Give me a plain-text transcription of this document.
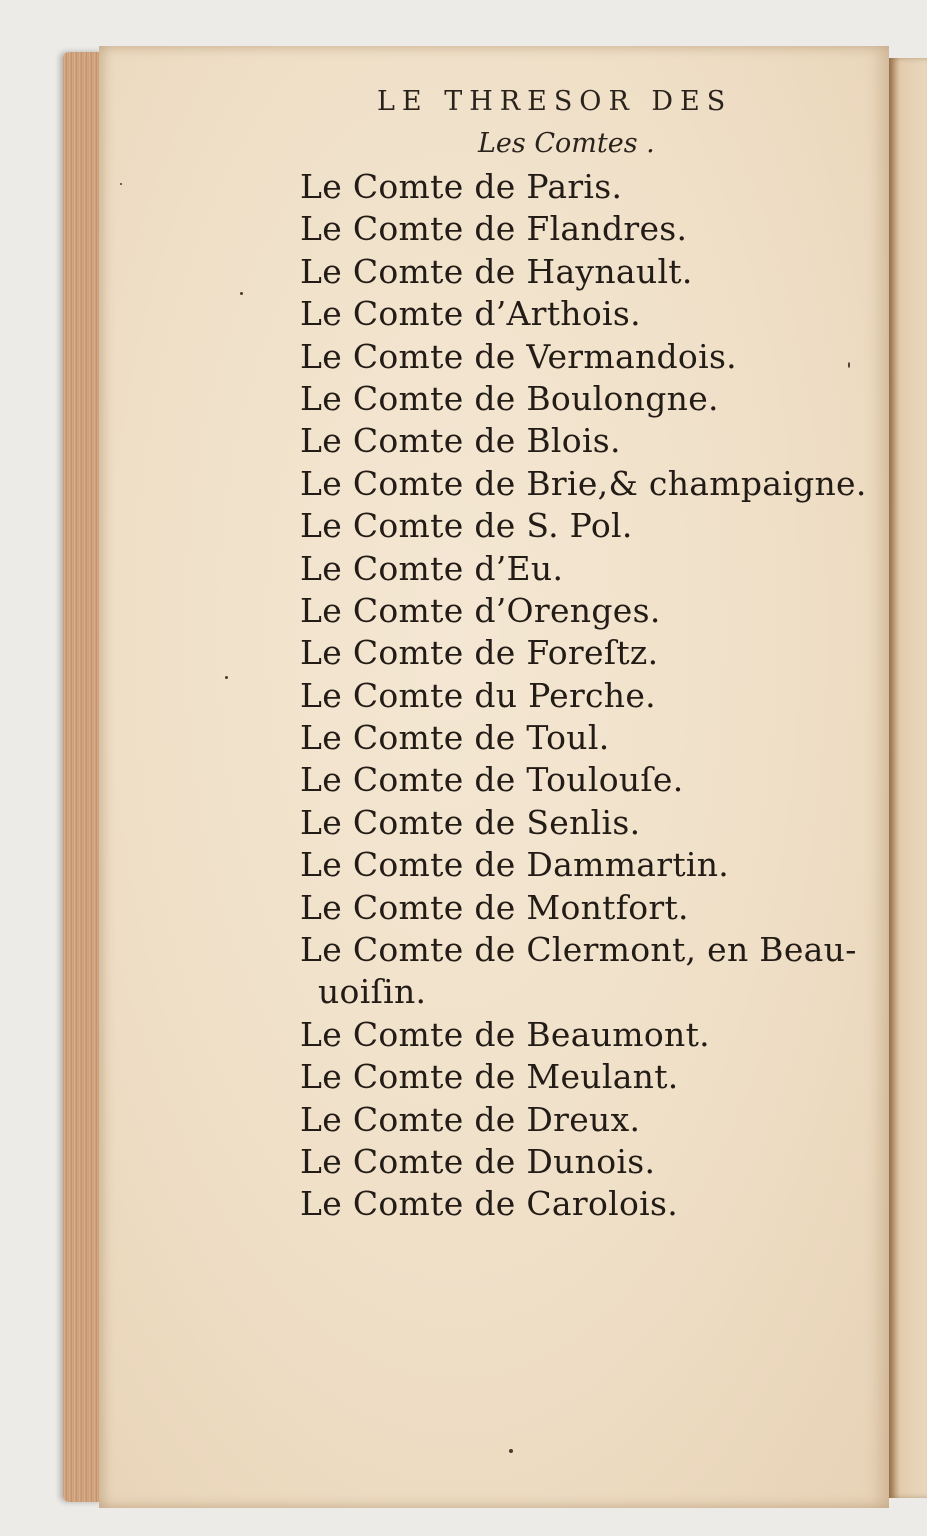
LE THRESOR DES
Les Comtes .
Le Comte de Paris.
Le Comte de Flandres.
Le Comte de Haynault.
Le Comte d’Arthois.
Le Comte de Vermandois.
Le Comte de Boulongne.
Le Comte de Blois.
Le Comte de Brie,& champaigne.
Le Comte de S. Pol.
Le Comte d’Eu.
Le Comte d’Orenges.
Le Comte de Foreſtz.
Le Comte du Perche.
Le Comte de Toul.
Le Comte de Toulouſe.
Le Comte de Senlis.
Le Comte de Dammartin.
Le Comte de Montfort.
Le Comte de Clermont, en Beau-
uoiſin.
Le Comte de Beaumont.
Le Comte de Meulant.
Le Comte de Dreux.
Le Comte de Dunois.
Le Comte de Carolois.
